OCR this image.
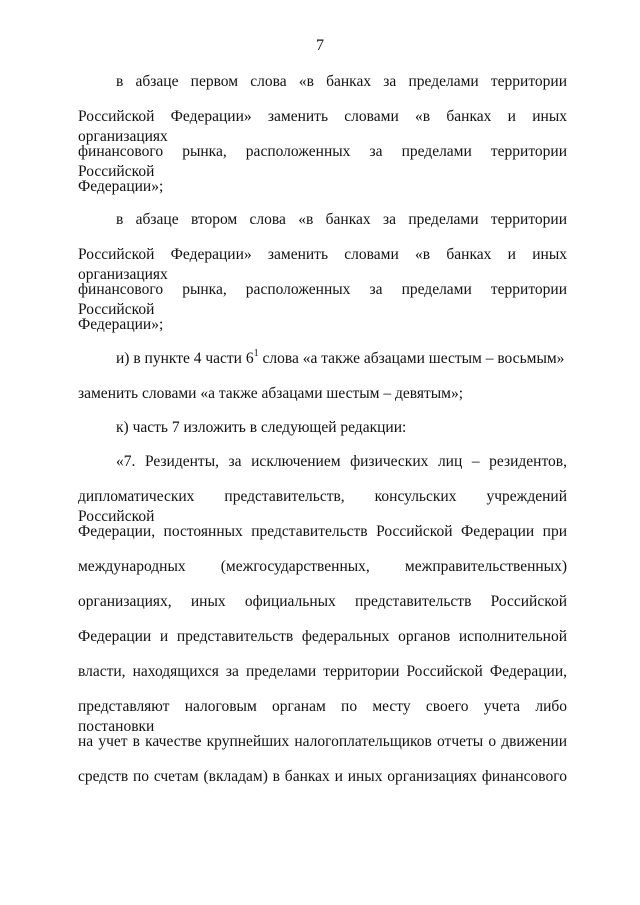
7
в абзаце первом слова «в банках за пределами территории
Российской Федерации» заменить словами «в банках и иных организациях
финансового рынка, расположенных за пределами территории Российской
Федерации»;
в абзаце втором слова «в банках за пределами территории
Российской Федерации» заменить словами «в банках и иных организациях
финансового рынка, расположенных за пределами территории Российской
Федерации»;
и) в пункте 4 части $6^1$ слова «а также абзацами шестым – восьмым»
заменить словами «а также абзацами шестым – девятым»;
к) часть 7 изложить в следующей редакции:
«7. Резиденты, за исключением физических лиц – резидентов,
дипломатических представительств, консульских учреждений Российской
Федерации, постоянных представительств Российской Федерации при
международных (межгосударственных, межправительственных)
организациях, иных официальных представительств Российской
Федерации и представительств федеральных органов исполнительной
власти, находящихся за пределами территории Российской Федерации,
представляют налоговым органам по месту своего учета либо постановки
на учет в качестве крупнейших налогоплательщиков отчеты о движении
средств по счетам (вкладам) в банках и иных организациях финансового
